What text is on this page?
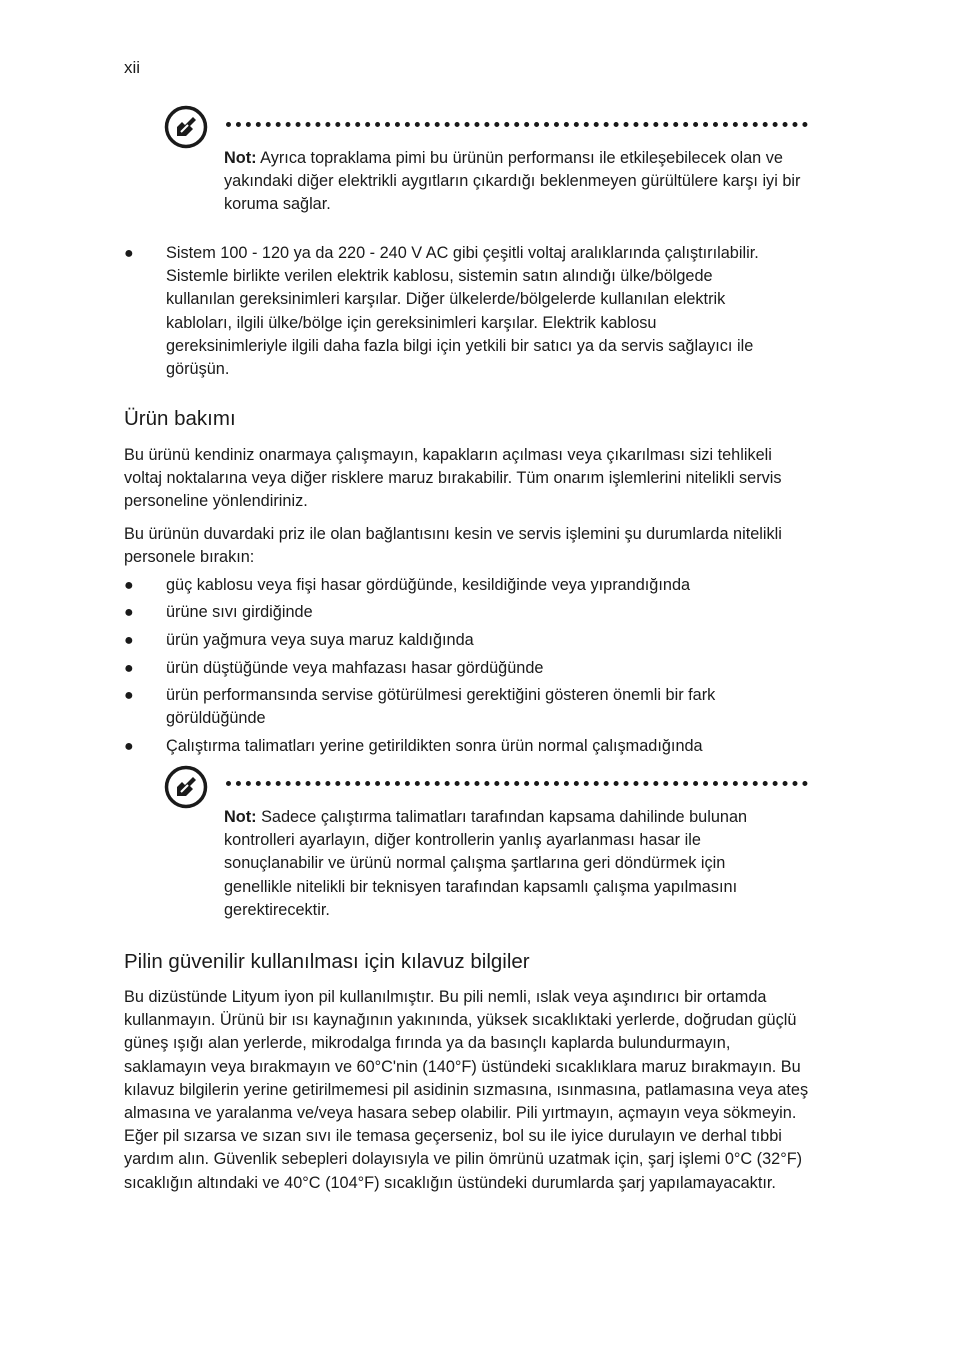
xii
Not: Ayrıca topraklama pimi bu ürünün performansı ile etkileşebilecek olan ve yakındaki diğer elektrikli aygıtların çıkardığı beklenmeyen gürültülere karşı iyi bir koruma sağlar.
● Sistem 100 - 120 ya da 220 - 240 V AC gibi çeşitli voltaj aralıklarında çalıştırılabilir. Sistemle birlikte verilen elektrik kablosu, sistemin satın alındığı ülke/bölgede kullanılan gereksinimleri karşılar. Diğer ülkelerde/bölgelerde kullanılan elektrik kabloları, ilgili ülke/bölge için gereksinimleri karşılar. Elektrik kablosu gereksinimleriyle ilgili daha fazla bilgi için yetkili bir satıcı ya da servis sağlayıcı ile görüşün.
Ürün bakımı
Bu ürünü kendiniz onarmaya çalışmayın, kapakların açılması veya çıkarılması sizi tehlikeli voltaj noktalarına veya diğer risklere maruz bırakabilir. Tüm onarım işlemlerini nitelikli servis personeline yönlendiriniz.
Bu ürünün duvardaki priz ile olan bağlantısını kesin ve servis işlemini şu durumlarda nitelikli personele bırakın:
● güç kablosu veya fişi hasar gördüğünde, kesildiğinde veya yıprandığında
● ürüne sıvı girdiğinde
● ürün yağmura veya suya maruz kaldığında
● ürün düştüğünde veya mahfazası hasar gördüğünde
● ürün performansında servise götürülmesi gerektiğini gösteren önemli bir fark görüldüğünde
● Çalıştırma talimatları yerine getirildikten sonra ürün normal çalışmadığında
Not: Sadece çalıştırma talimatları tarafından kapsama dahilinde bulunan kontrolleri ayarlayın, diğer kontrollerin yanlış ayarlanması hasar ile sonuçlanabilir ve ürünü normal çalışma şartlarına geri döndürmek için genellikle nitelikli bir teknisyen tarafından kapsamlı çalışma yapılmasını gerektirecektir.
Pilin güvenilir kullanılması için kılavuz bilgiler
Bu dizüstünde Lityum iyon pil kullanılmıştır. Bu pili nemli, ıslak veya aşındırıcı bir ortamda kullanmayın. Ürünü bir ısı kaynağının yakınında, yüksek sıcaklıktaki yerlerde, doğrudan güçlü güneş ışığı alan yerlerde, mikrodalga fırında ya da basınçlı kaplarda bulundurmayın, saklamayın veya bırakmayın ve 60°C'nin (140°F) üstündeki sıcaklıklara maruz bırakmayın. Bu kılavuz bilgilerin yerine getirilmemesi pil asidinin sızmasına, ısınmasına, patlamasına veya ateş almasına ve yaralanma ve/veya hasara sebep olabilir. Pili yırtmayın, açmayın veya sökmeyin. Eğer pil sızarsa ve sızan sıvı ile temasa geçerseniz, bol su ile iyice durulayın ve derhal tıbbi yardım alın. Güvenlik sebepleri dolayısıyla ve pilin ömrünü uzatmak için, şarj işlemi 0°C (32°F) sıcaklığın altındaki ve 40°C (104°F) sıcaklığın üstündeki durumlarda şarj yapılamayacaktır.
